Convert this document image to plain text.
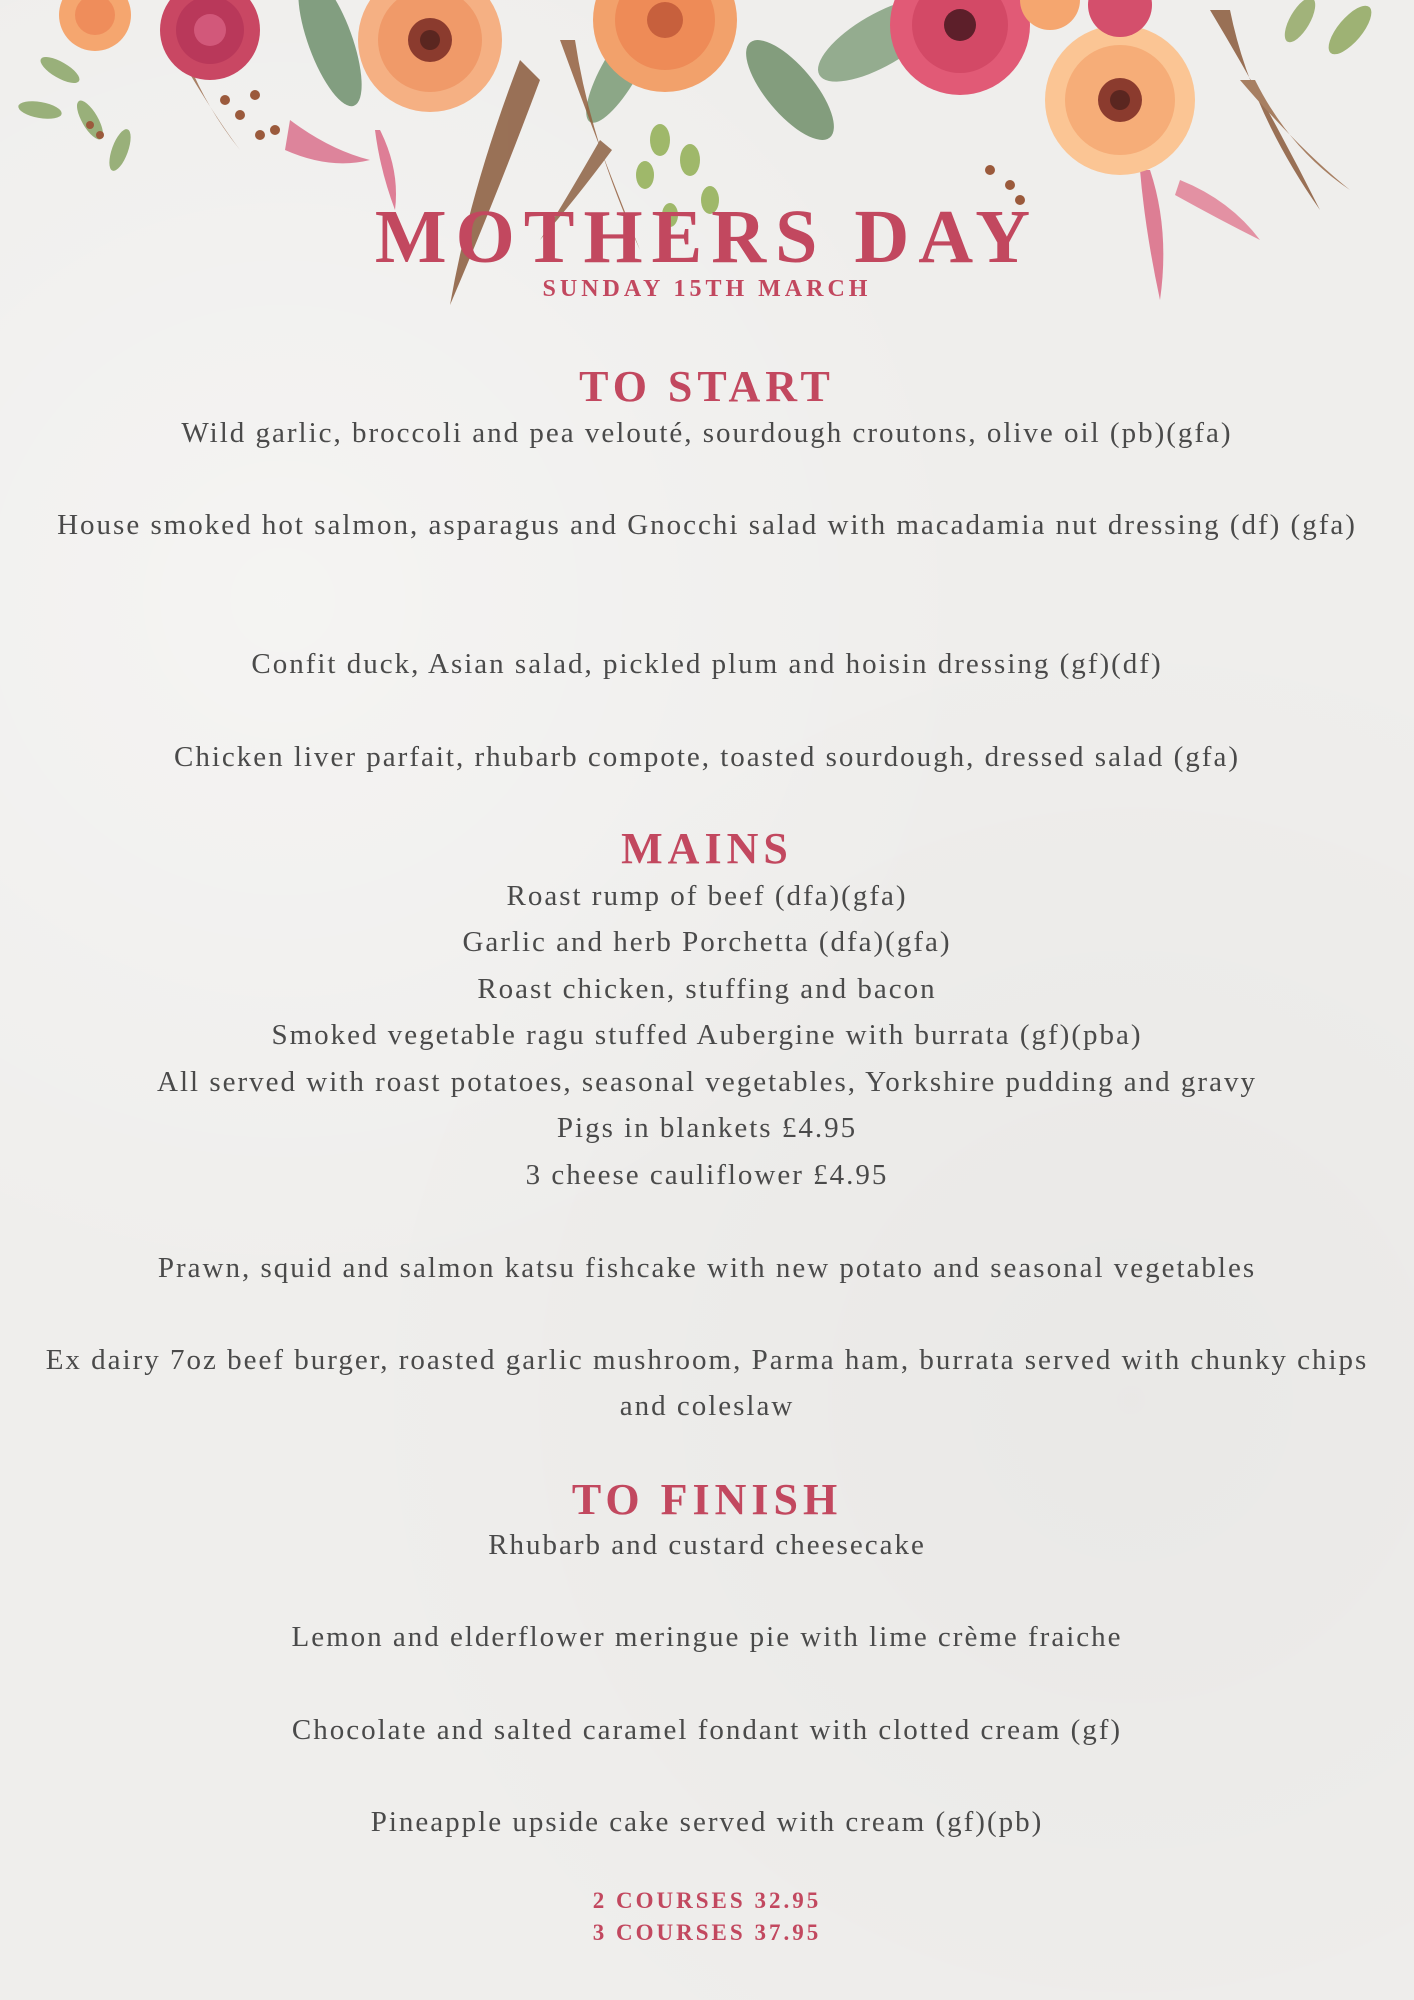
MOTHERS DAY
SUNDAY 15TH MARCH
TO START
Wild garlic, broccoli and pea velouté, sourdough croutons, olive oil (pb)(gfa)
House smoked hot salmon, asparagus and Gnocchi salad with macadamia nut dressing (df) (gfa)
Confit duck, Asian salad, pickled plum and hoisin dressing (gf)(df)
Chicken liver parfait, rhubarb compote, toasted sourdough, dressed salad (gfa)
MAINS
Roast rump of beef (dfa)(gfa)
Garlic and herb Porchetta (dfa)(gfa)
Roast chicken, stuffing and bacon
Smoked vegetable ragu stuffed Aubergine with burrata (gf)(pba)
All served with roast potatoes, seasonal vegetables, Yorkshire pudding and gravy
Pigs in blankets £4.95
3 cheese cauliflower £4.95
Prawn, squid and salmon katsu fishcake with new potato and seasonal vegetables
Ex dairy 7oz beef burger, roasted garlic mushroom, Parma ham, burrata served with chunky chips and coleslaw
TO FINISH
Rhubarb and custard cheesecake
Lemon and elderflower meringue pie with lime crème fraiche
Chocolate and salted caramel fondant with clotted cream (gf)
Pineapple upside cake served with cream (gf)(pb)
2 COURSES 32.95
3 COURSES 37.95
